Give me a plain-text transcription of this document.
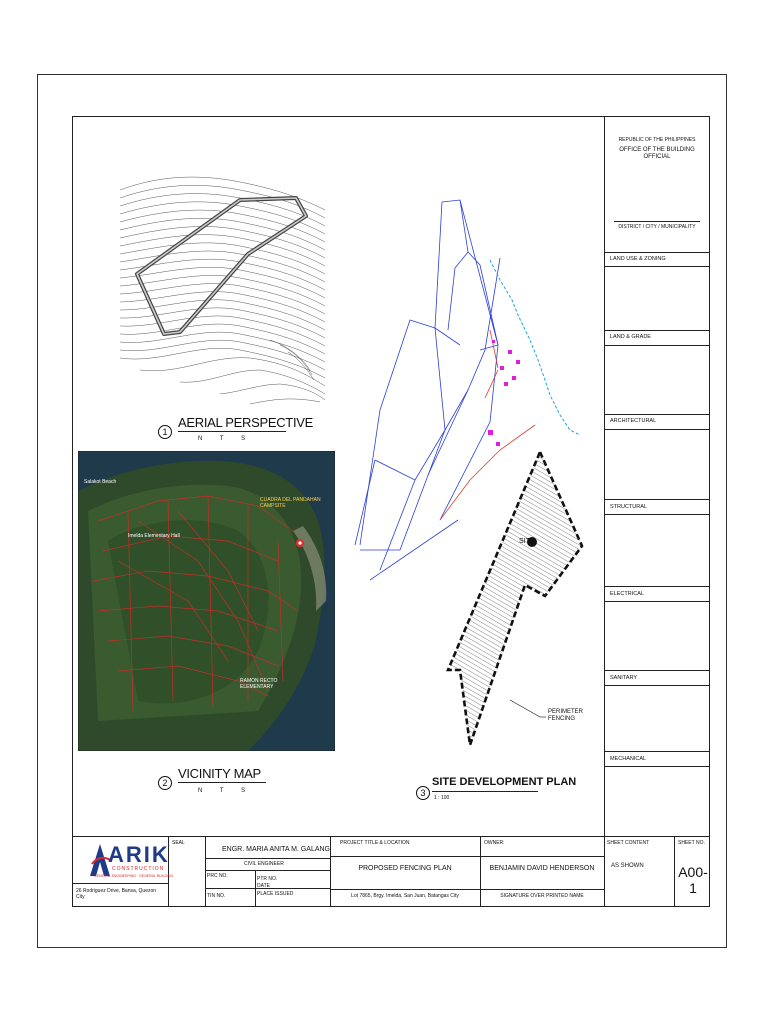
REPUBLIC OF THE PHILIPPINES
OFFICE OF THE BUILDING OFFICIAL
DISTRICT / CITY / MUNICIPALITY
LAND USE & ZONING
LAND & GRADE
ARCHITECTURAL
STRUCTURAL
ELECTRICAL
SANITARY
MECHANICAL
1
AERIAL PERSPECTIVE
N T S
Salakot Beach
CUADRA DEL PANDAHAN CAMPSITE
Imelda Elementary Hall
RAMON RECTO ELEMENTARY
2
VICINITY MAP
N T S
SITE
PERIMETER FENCING
3
SITE DEVELOPMENT PLAN
1 : 100
ARIK
CONSTRUCTION
GENERAL ENGINEERING · GENERAL BUILDING
26 Rodriguez Drive, Bansa, Quezon City
SEAL
ENGR. MARIA ANITA M. GALANG
CIVIL ENGINEER
PRC NO.	PTR NO.
DATE
TIN NO.	PLACE ISSUED
PROJECT TITLE & LOCATION
PROPOSED FENCING PLAN
Lot 7865, Brgy. Imelda, San Juan, Batangas City
OWNER:
BENJAMIN DAVID HENDERSON
SIGNATURE OVER PRINTED NAME
SHEET CONTENT
AS SHOWN
SHEET NO.
A00-1
